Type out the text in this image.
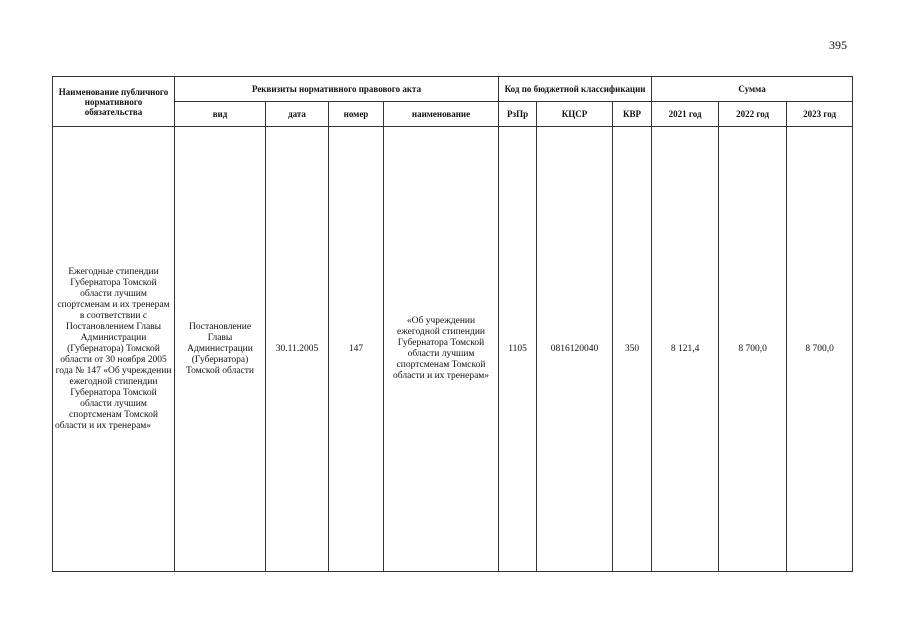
395
Наименование публичного нормативного обязательства	Реквизиты нормативного правового акта				Код по бюджетной классификации			Сумма		
	вид	дата	номер	наименование	РзПр	КЦСР	КВР	2021 год	2022 год	2023 год
Ежегодные стипендии Губернатора Томской области лучшим спортсменам и их тренерам в соответствии с Постановлением Главы Администрации (Губернатора) Томской области от 30 ноября 2005 года № 147 «Об учреждении ежегодной стипендии Губернатора Томской области лучшим спортсменам Томской области и их тренерам»	Постановление Главы Администрации (Губернатора) Томской области	30.11.2005	147	«Об учреждении ежегодной стипендии Губернатора Томской области лучшим спортсменам Томской области и их тренерам»	1105	0816120040	350	8 121,4	8 700,0	8 700,0
